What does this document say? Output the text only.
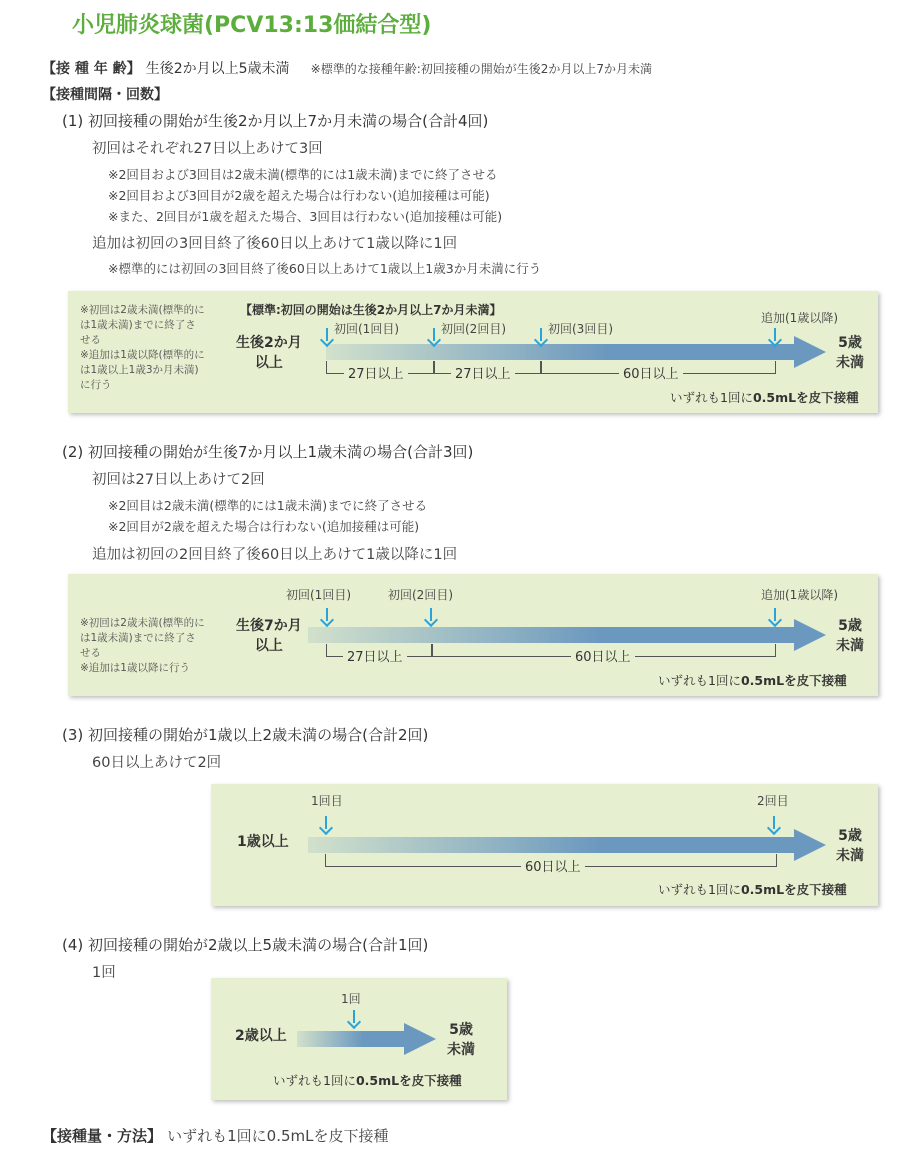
小児肺炎球菌(PCV13:13価結合型)
【接 種 年 齢】 生後2か月以上5歳未満 ※標準的な接種年齢:初回接種の開始が生後2か月以上7か月未満
【接種間隔・回数】
(1) 初回接種の開始が生後2か月以上7か月未満の場合(合計4回)
初回はそれぞれ27日以上あけて3回
※2回目および3回目は2歳未満(標準的には1歳未満)までに終了させる
※2回目および3回目が2歳を超えた場合は行わない(追加接種は可能)
※また、2回目が1歳を超えた場合、3回目は行わない(追加接種は可能)
追加は初回の3回目終了後60日以上あけて1歳以降に1回
※標準的には初回の3回目終了後60日以上あけて1歳以上1歳3か月未満に行う
※初回は2歳未満(標準的に
は1歳未満)までに終了さ
せる
※追加は1歳以降(標準的に
は1歳以上1歳3か月未満)
に行う
【標準:初回の開始は生後2か月以上7か月未満】
生後2か月
以上
5歳
未満
初回(1回目)	初回(2回目)	初回(3回目)
追加(1歳以降)
27日以上	27日以上	60日以上
いずれも1回に0.5mLを皮下接種
(2) 初回接種の開始が生後7か月以上1歳未満の場合(合計3回)
初回は27日以上あけて2回
※2回目は2歳未満(標準的には1歳未満)までに終了させる
※2回目が2歳を超えた場合は行わない(追加接種は可能)
追加は初回の2回目終了後60日以上あけて1歳以降に1回
※初回は2歳未満(標準的に
は1歳未満)までに終了さ
せる
※追加は1歳以降に行う
生後7か月
以上
5歳
未満
初回(1回目)	初回(2回目)	追加(1歳以降)
27日以上	60日以上
いずれも1回に0.5mLを皮下接種
(3) 初回接種の開始が1歳以上2歳未満の場合(合計2回)
60日以上あけて2回
1歳以上	5歳
未満
1回目	2回目
60日以上
いずれも1回に0.5mLを皮下接種
(4) 初回接種の開始が2歳以上5歳未満の場合(合計1回)
1回
2歳以上	5歳
未満
1回
いずれも1回に0.5mLを皮下接種
【接種量・方法】 いずれも1回に0.5mLを皮下接種
